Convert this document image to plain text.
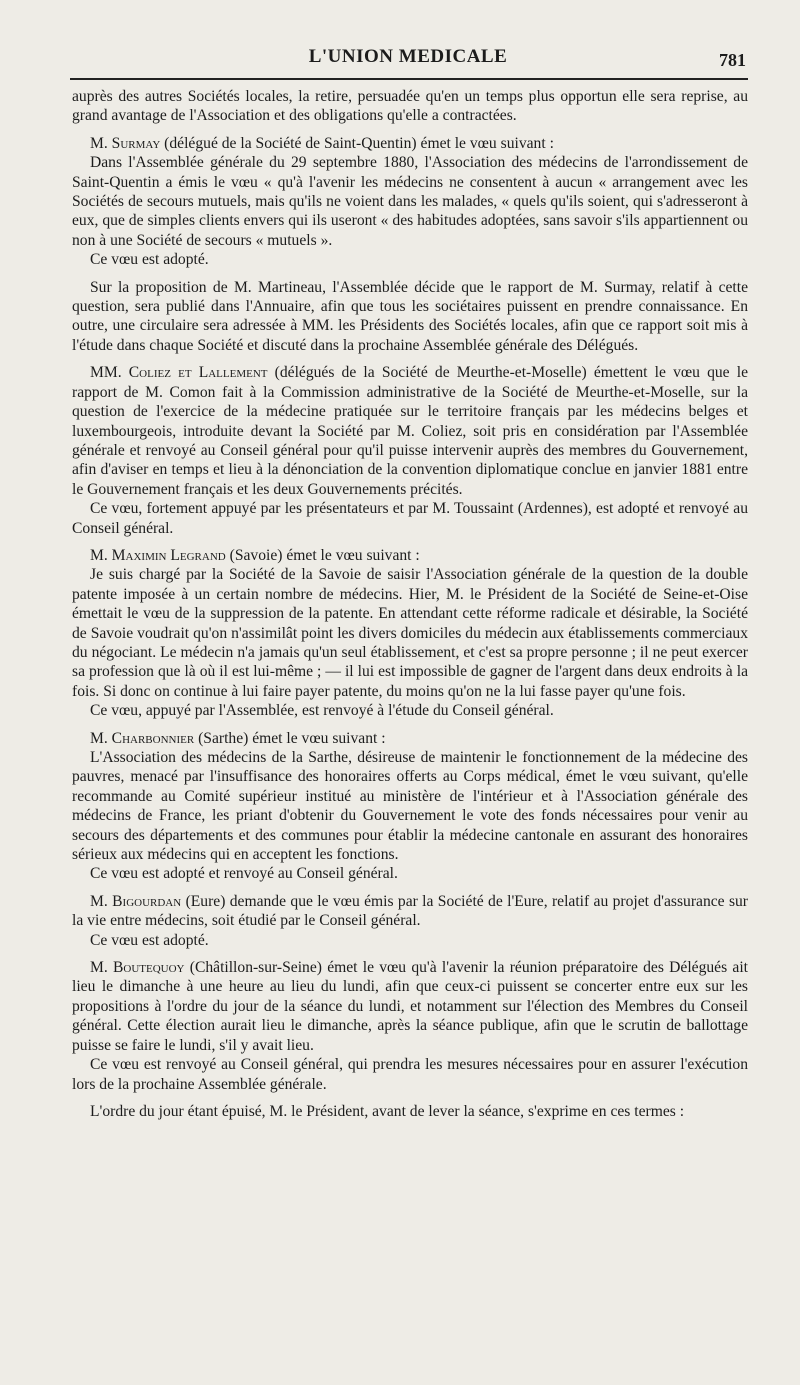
L'UNION MEDICALE	781

auprès des autres Sociétés locales, la retire, persuadée qu'en un temps plus opportun elle sera reprise, au grand avantage de l'Association et des obligations qu'elle a contractées.

M. Surmay (délégué de la Société de Saint-Quentin) émet le vœu suivant :

Dans l'Assemblée générale du 29 septembre 1880, l'Association des médecins de l'arrondissement de Saint-Quentin a émis le vœu « qu'à l'avenir les médecins ne consentent à aucun « arrangement avec les Sociétés de secours mutuels, mais qu'ils ne voient dans les malades, « quels qu'ils soient, qui s'adresseront à eux, que de simples clients envers qui ils useront « des habitudes adoptées, sans savoir s'ils appartiennent ou non à une Société de secours « mutuels ».

Ce vœu est adopté.

Sur la proposition de M. Martineau, l'Assemblée décide que le rapport de M. Surmay, relatif à cette question, sera publié dans l'Annuaire, afin que tous les sociétaires puissent en prendre connaissance. En outre, une circulaire sera adressée à MM. les Présidents des Sociétés locales, afin que ce rapport soit mis à l'étude dans chaque Société et discuté dans la prochaine Assemblée générale des Délégués.

MM. Coliez et Lallement (délégués de la Société de Meurthe-et-Moselle) émettent le vœu que le rapport de M. Comon fait à la Commission administrative de la Société de Meurthe-et-Moselle, sur la question de l'exercice de la médecine pratiquée sur le territoire français par les médecins belges et luxembourgeois, introduite devant la Société par M. Coliez, soit pris en considération par l'Assemblée générale et renvoyé au Conseil général pour qu'il puisse intervenir auprès des membres du Gouvernement, afin d'aviser en temps et lieu à la dénonciation de la convention diplomatique conclue en janvier 1881 entre le Gouvernement français et les deux Gouvernements précités.

Ce vœu, fortement appuyé par les présentateurs et par M. Toussaint (Ardennes), est adopté et renvoyé au Conseil général.

M. Maximin Legrand (Savoie) émet le vœu suivant :

Je suis chargé par la Société de la Savoie de saisir l'Association générale de la question de la double patente imposée à un certain nombre de médecins. Hier, M. le Président de la Société de Seine-et-Oise émettait le vœu de la suppression de la patente. En attendant cette réforme radicale et désirable, la Société de Savoie voudrait qu'on n'assimilât point les divers domiciles du médecin aux établissements commerciaux du négociant. Le médecin n'a jamais qu'un seul établissement, et c'est sa propre personne ; il ne peut exercer sa profession que là où il est lui-même ; — il lui est impossible de gagner de l'argent dans deux endroits à la fois. Si donc on continue à lui faire payer patente, du moins qu'on ne la lui fasse payer qu'une fois.

Ce vœu, appuyé par l'Assemblée, est renvoyé à l'étude du Conseil général.

M. Charbonnier (Sarthe) émet le vœu suivant :

L'Association des médecins de la Sarthe, désireuse de maintenir le fonctionnement de la médecine des pauvres, menacé par l'insuffisance des honoraires offerts au Corps médical, émet le vœu suivant, qu'elle recommande au Comité supérieur institué au ministère de l'intérieur et à l'Association générale des médecins de France, les priant d'obtenir du Gouvernement le vote des fonds nécessaires pour venir au secours des départements et des communes pour établir la médecine cantonale en assurant des honoraires sérieux aux médecins qui en acceptent les fonctions.

Ce vœu est adopté et renvoyé au Conseil général.

M. Bigourdan (Eure) demande que le vœu émis par la Société de l'Eure, relatif au projet d'assurance sur la vie entre médecins, soit étudié par le Conseil général.

Ce vœu est adopté.

M. Boutequoy (Châtillon-sur-Seine) émet le vœu qu'à l'avenir la réunion préparatoire des Délégués ait lieu le dimanche à une heure au lieu du lundi, afin que ceux-ci puissent se concerter entre eux sur les propositions à l'ordre du jour de la séance du lundi, et notamment sur l'élection des Membres du Conseil général. Cette élection aurait lieu le dimanche, après la séance publique, afin que le scrutin de ballottage puisse se faire le lundi, s'il y avait lieu.

Ce vœu est renvoyé au Conseil général, qui prendra les mesures nécessaires pour en assurer l'exécution lors de la prochaine Assemblée générale.

L'ordre du jour étant épuisé, M. le Président, avant de lever la séance, s'exprime en ces termes :
